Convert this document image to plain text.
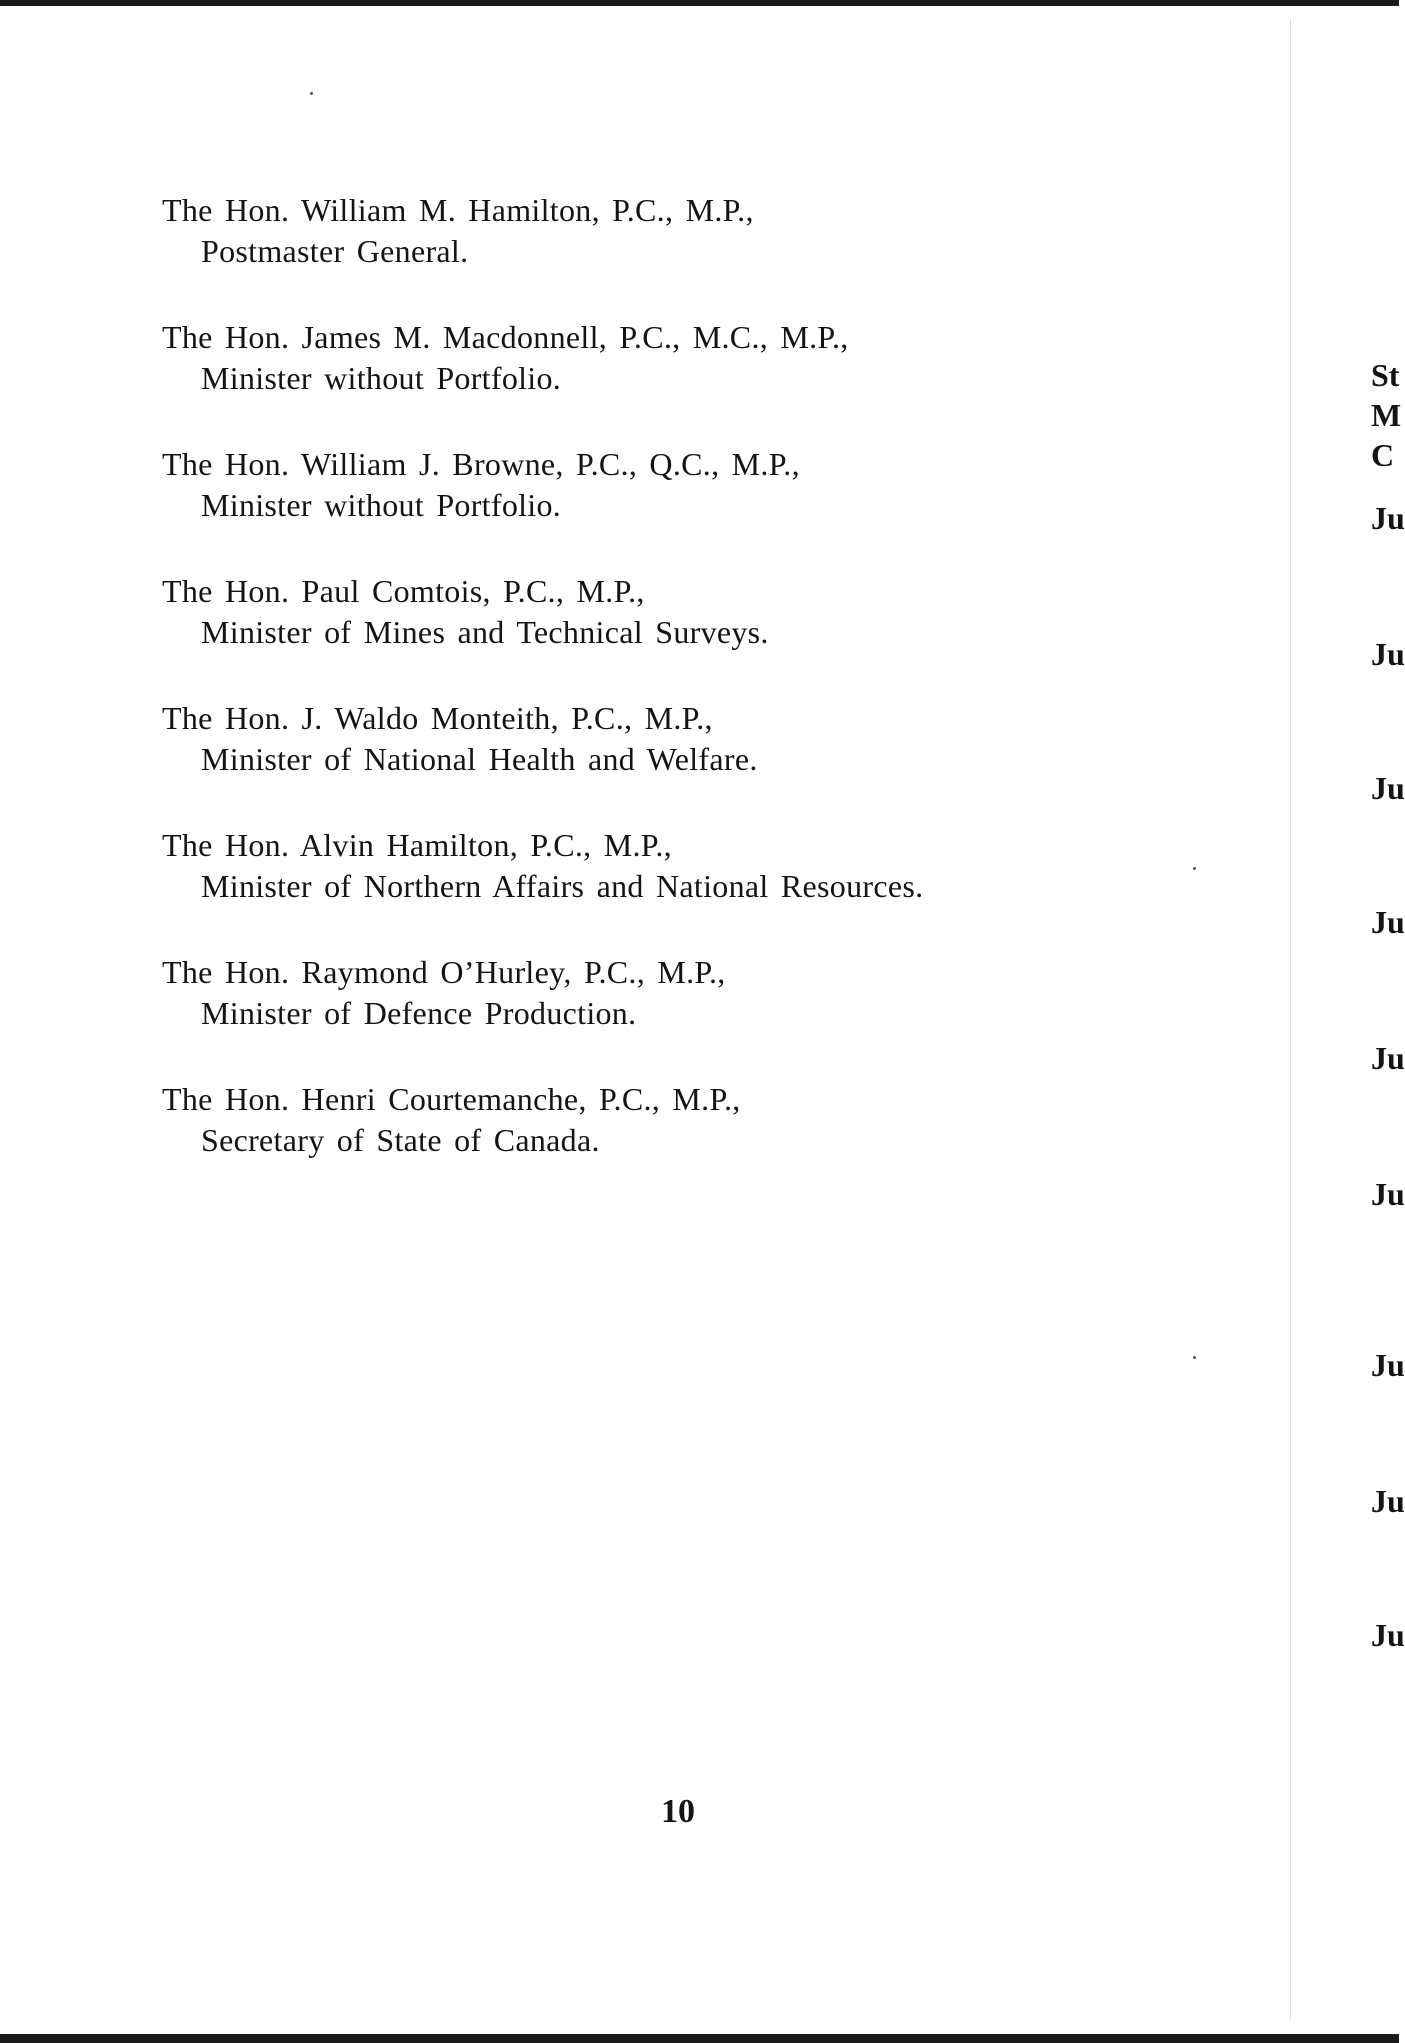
The Hon. William M. Hamilton, P.C., M.P.,
Postmaster General.
The Hon. James M. Macdonnell, P.C., M.C., M.P.,
Minister without Portfolio.
The Hon. William J. Browne, P.C., Q.C., M.P.,
Minister without Portfolio.
The Hon. Paul Comtois, P.C., M.P.,
Minister of Mines and Technical Surveys.
The Hon. J. Waldo Monteith, P.C., M.P.,
Minister of National Health and Welfare.
The Hon. Alvin Hamilton, P.C., M.P.,
Minister of Northern Affairs and National Resources.
The Hon. Raymond O’Hurley, P.C., M.P.,
Minister of Defence Production.
The Hon. Henri Courtemanche, P.C., M.P.,
Secretary of State of Canada.
10
St
M
C
Ju
Ju
Ju
Ju
Ju
Ju
Ju
Ju
Ju
